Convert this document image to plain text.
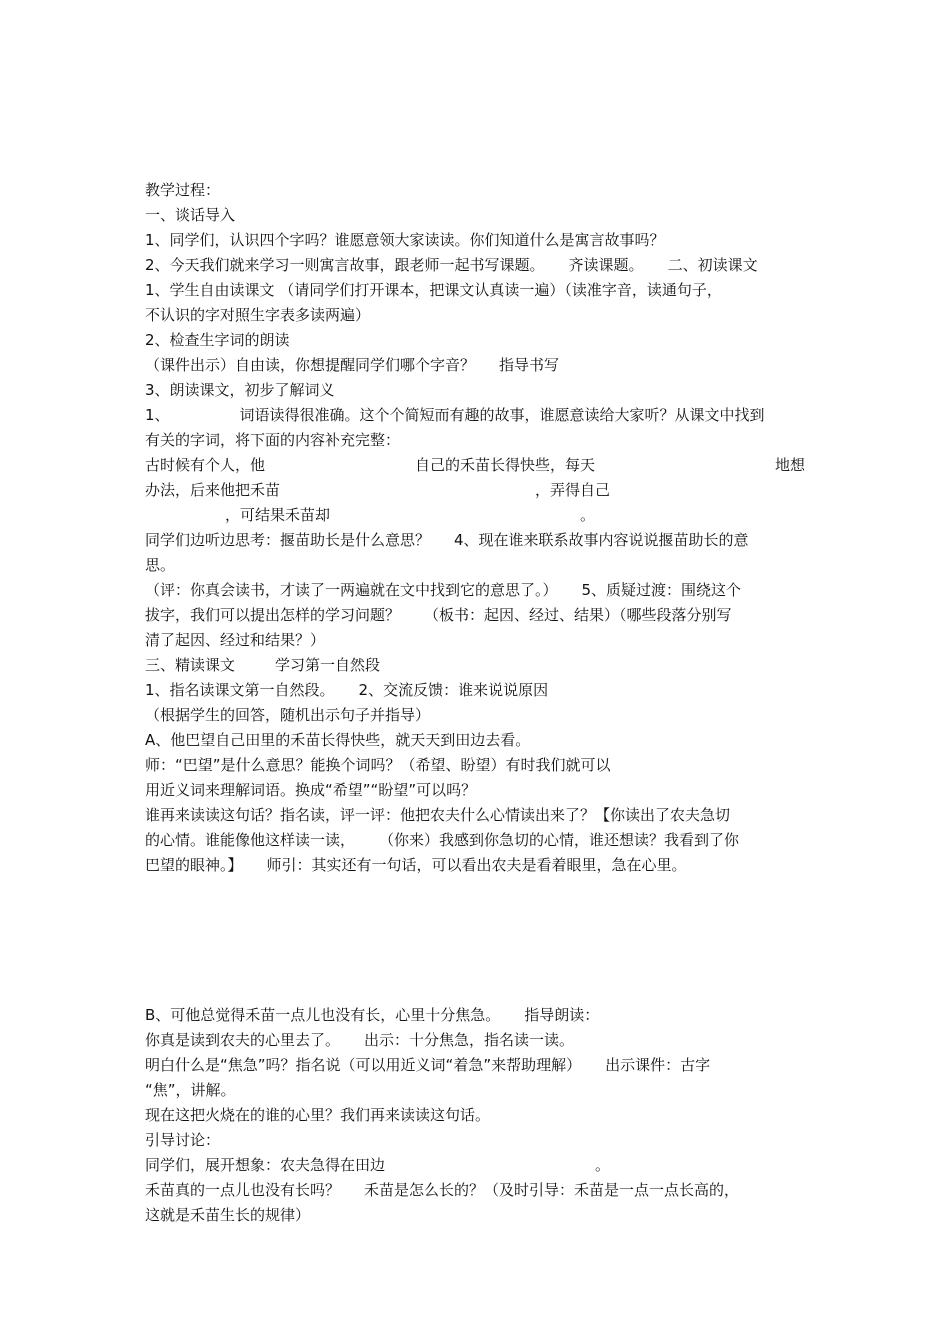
教学过程：
一、谈话导入
1、同学们，认识四个字吗？谁愿意领大家读读。你们知道什么是寓言故事吗？
2、今天我们就来学习一则寓言故事，跟老师一起书写课题。 齐读课题。 二、初读课文
1、学生自由读课文 （请同学们打开课本，把课文认真读一遍）（读准字音，读通句子，
不认识的字对照生字表多读两遍）
2、检查生字词的朗读
（课件出示）自由读，你想提醒同学们哪个字音？ 指导书写
3、朗读课文，初步了解词义
1、	词语读得很准确。这个个简短而有趣的故事，谁愿意读给大家听？从课文中找到
有关的字词，将下面的内容补充完整：
古时候有个人，他	自己的禾苗长得快些，每天	地想
办法，后来他把禾苗	，弄得自己
，可结果禾苗却	。
同学们边听边思考：揠苗助长是什么意思？ 4、现在谁来联系故事内容说说揠苗助长的意
思。
（评：你真会读书，才读了一两遍就在文中找到它的意思了。） 5、质疑过渡：围绕这个
拔字，我们可以提出怎样的学习问题？ （板书：起因、经过、结果）（哪些段落分别写
清了起因、经过和结果？）
三、精读课文	学习第一自然段
1、指名读课文第一自然段。 2、交流反馈：谁来说说原因
（根据学生的回答，随机出示句子并指导）
A、他巴望自己田里的禾苗长得快些，就天天到田边去看。
师：“巴望”是什么意思？能换个词吗？（希望、盼望）有时我们就可以
用近义词来理解词语。换成“希望”“盼望”可以吗？
谁再来读读这句话？指名读，评一评：他把农夫什么心情读出来了？【你读出了农夫急切
的心情。谁能像他这样读一读， （你来）我感到你急切的心情，谁还想读？我看到了你
巴望的眼神。】 师引：其实还有一句话，可以看出农夫是看着眼里，急在心里。
B、可他总觉得禾苗一点儿也没有长，心里十分焦急。 指导朗读：
你真是读到农夫的心里去了。 出示：十分焦急，指名读一读。
明白什么是“焦急”吗？指名说（可以用近义词“着急”来帮助理解） 出示课件：古字
“焦”，讲解。
现在这把火烧在的谁的心里？我们再来读读这句话。
引导讨论：
同学们，展开想象：农夫急得在田边	。
禾苗真的一点儿也没有长吗？ 禾苗是怎么长的？（及时引导：禾苗是一点一点长高的，
这就是禾苗生长的规律）
